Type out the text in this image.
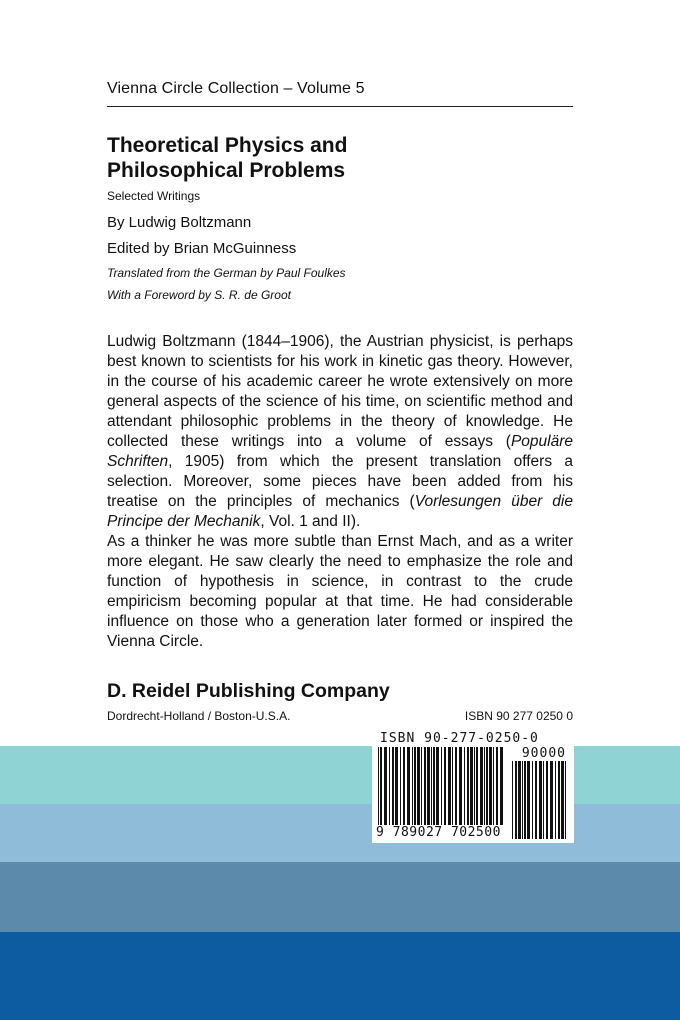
Vienna Circle Collection – Volume 5
Theoretical Physics and
Philosophical Problems
Selected Writings
By Ludwig Boltzmann
Edited by Brian McGuinness
Translated from the German by Paul Foulkes
With a Foreword by S. R. de Groot

Ludwig Boltzmann (1844–1906), the Austrian physicist, is perhaps best known to scientists for his work in kinetic gas theory. However, in the course of his academic career he wrote extensively on more general aspects of the science of his time, on scientific method and attendant philosophic problems in the theory of knowledge. He collected these writings into a volume of essays (Populäre Schriften, 1905) from which the present translation offers a selection. Moreover, some pieces have been added from his treatise on the principles of mechanics (Vorlesungen über die Principe der Mechanik, Vol. 1 and II).

As a thinker he was more subtle than Ernst Mach, and as a writer more elegant. He saw clearly the need to emphasize the role and function of hypothesis in science, in contrast to the crude empiricism becoming popular at that time. He had considerable influence on those who a generation later formed or inspired the Vienna Circle.

D. Reidel Publishing Company
Dordrecht-Holland / Boston-U.S.A.	ISBN 90 277 0250 0
ISBN 90-277-0250-0
90000
9 789027 702500
